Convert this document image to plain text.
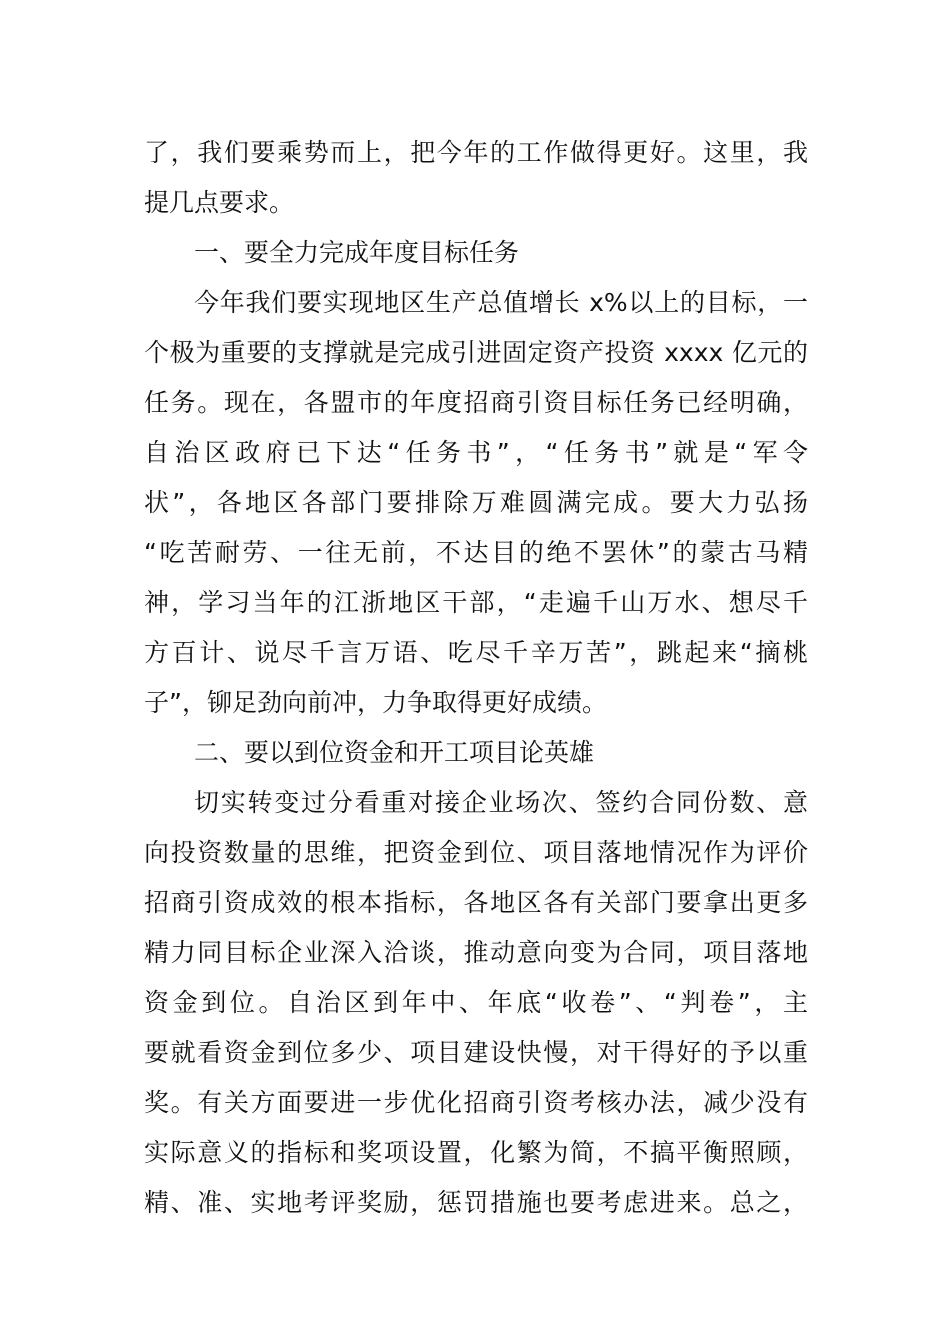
了，我们要乘势而上，把今年的工作做得更好。这里，我
提几点要求。
一、要全力完成年度目标任务
今年我们要实现地区生产总值增长 x%以上的目标，一
个极为重要的支撑就是完成引进固定资产投资 xxxx 亿元的
任务。现在，各盟市的年度招商引资目标任务已经明确，
自治区政府已下达“任务书”，“任务书”就是“军令
状”，各地区各部门要排除万难圆满完成。要大力弘扬
“吃苦耐劳、一往无前，不达目的绝不罢休”的蒙古马精
神，学习当年的江浙地区干部，“走遍千山万水、想尽千
方百计、说尽千言万语、吃尽千辛万苦”，跳起来“摘桃
子”，铆足劲向前冲，力争取得更好成绩。
二、要以到位资金和开工项目论英雄
切实转变过分看重对接企业场次、签约合同份数、意
向投资数量的思维，把资金到位、项目落地情况作为评价
招商引资成效的根本指标，各地区各有关部门要拿出更多
精力同目标企业深入洽谈，推动意向变为合同，项目落地
资金到位。自治区到年中、年底“收卷”、“判卷”，主
要就看资金到位多少、项目建设快慢，对干得好的予以重
奖。有关方面要进一步优化招商引资考核办法，减少没有
实际意义的指标和奖项设置，化繁为简，不搞平衡照顾，
精、准、实地考评奖励，惩罚措施也要考虑进来。总之，
